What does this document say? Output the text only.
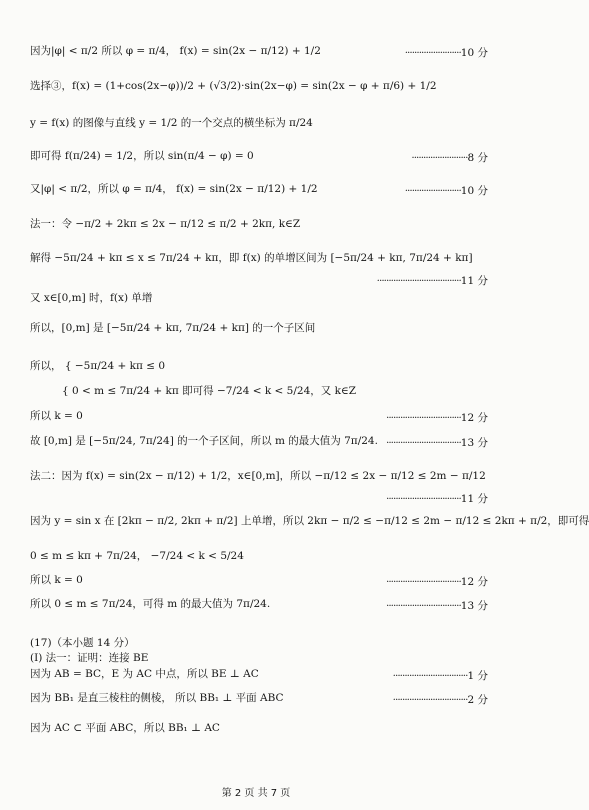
因为|φ| < π/2 所以 φ = π/4， f(x) = sin(2x − π/12) + 1/2	························10 分
选择③，f(x) = (1+cos(2x−φ))/2 + (√3/2)·sin(2x−φ) = sin(2x − φ + π/6) + 1/2
y = f(x) 的图像与直线 y = 1/2 的一个交点的横坐标为 π/24
即可得 f(π/24) = 1/2，所以 sin(π/4 − φ) = 0	························8 分
又|φ| < π/2，所以 φ = π/4， f(x) = sin(2x − π/12) + 1/2	························10 分
法一：令 −π/2 + 2kπ ≤ 2x − π/12 ≤ π/2 + 2kπ, k∈Z
解得 −5π/24 + kπ ≤ x ≤ 7π/24 + kπ，即 f(x) 的单增区间为 [−5π/24 + kπ, 7π/24 + kπ]
····································11 分
又 x∈[0,m] 时，f(x) 单增
所以，[0,m] 是 [−5π/24 + kπ, 7π/24 + kπ] 的一个子区间
所以， { −5π/24 + kπ ≤ 0
{ 0 < m ≤ 7π/24 + kπ 即可得 −7/24 < k < 5/24，又 k∈Z
所以 k = 0	································12 分
故 [0,m] 是 [−5π/24, 7π/24] 的一个子区间，所以 m 的最大值为 7π/24. ································13 分
法二：因为 f(x) = sin(2x − π/12) + 1/2，x∈[0,m]，所以 −π/12 ≤ 2x − π/12 ≤ 2m − π/12
································11 分
因为 y = sin x 在 [2kπ − π/2, 2kπ + π/2] 上单增，所以 2kπ − π/2 ≤ −π/12 ≤ 2m − π/12 ≤ 2kπ + π/2，即可得
0 ≤ m ≤ kπ + 7π/24， −7/24 < k < 5/24
所以 k = 0	································12 分
所以 0 ≤ m ≤ 7π/24，可得 m 的最大值为 7π/24.	································13 分
(17)（本小题 14 分）
(I) 法一：证明：连接 BE
因为 AB = BC，E 为 AC 中点，所以 BE ⊥ AC	································1 分
因为 BB₁ 是直三棱柱的侧棱， 所以 BB₁ ⊥ 平面 ABC	································2 分
因为 AC ⊂ 平面 ABC，所以 BB₁ ⊥ AC
第 2 页 共 7 页
